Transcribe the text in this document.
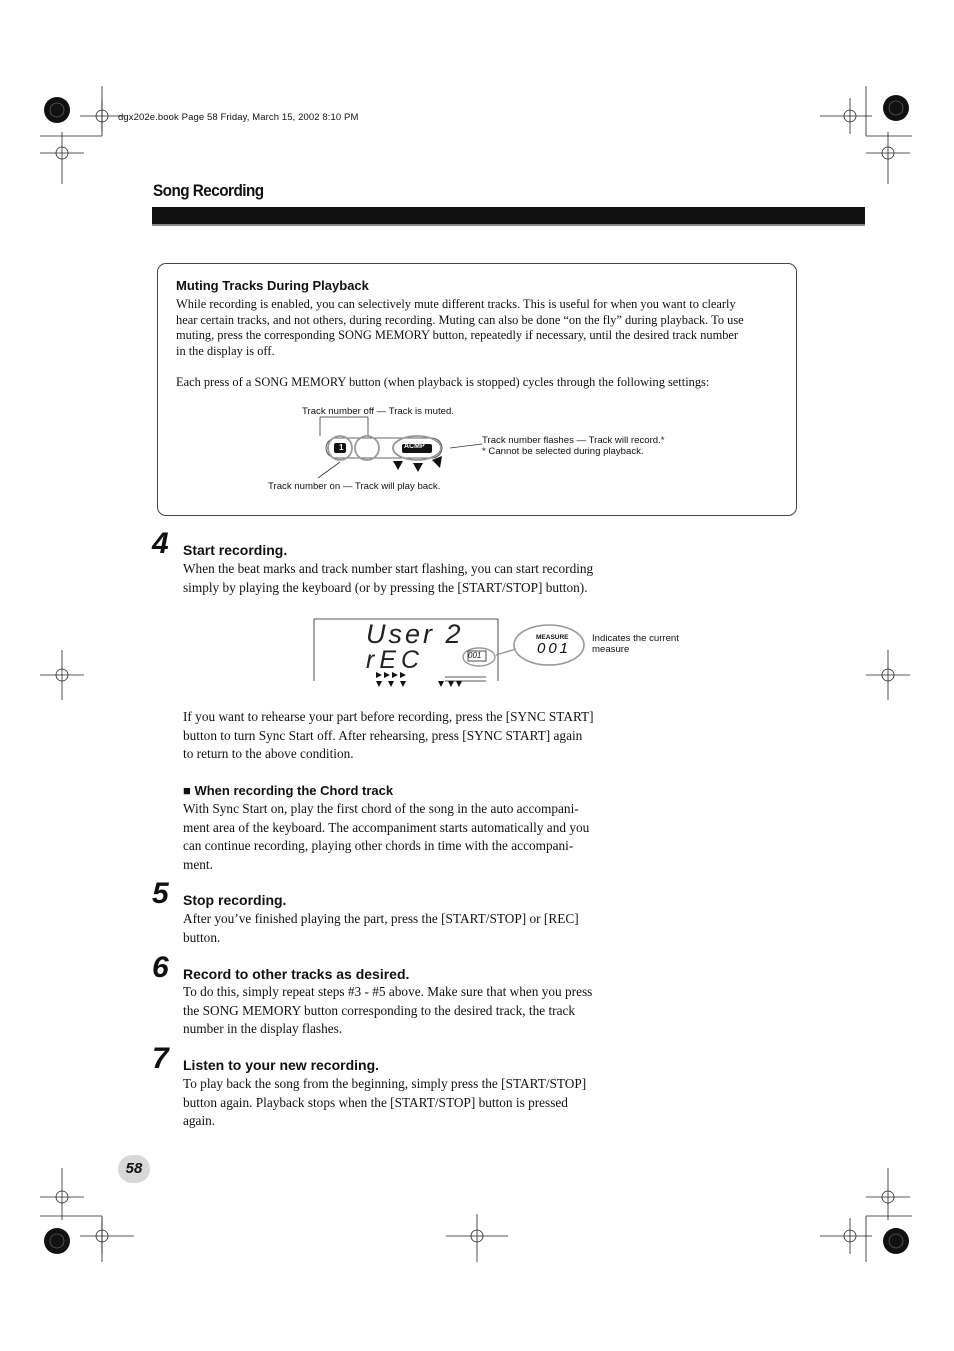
dgx202e.book Page 58 Friday, March 15, 2002 8:10 PM
Song Recording
Muting Tracks During Playback
While recording is enabled, you can selectively mute different tracks. This is useful for when you want to clearly
hear certain tracks, and not others, during recording. Muting can also be done “on the fly” during playback. To use
muting, press the corresponding SONG MEMORY button, repeatedly if necessary, until the desired track number
in the display is off.
Each press of a SONG MEMORY button (when playback is stopped) cycles through the following settings:
1	ACMP
Track number off — Track is muted.
Track number flashes — Track will record.*
* Cannot be selected during playback.
Track number on — Track will play back.
4 Start recording.
When the beat marks and track number start flashing, you can start recording
simply by playing the keyboard (or by pressing the [START/STOP] button).
User 2
rEC	001
MEASURE
001
Indicates the current
measure
If you want to rehearse your part before recording, press the [SYNC START]
button to turn Sync Start off. After rehearsing, press [SYNC START] again
to return to the above condition.
■ When recording the Chord track
With Sync Start on, play the first chord of the song in the auto accompani-
ment area of the keyboard. The accompaniment starts automatically and you
can continue recording, playing other chords in time with the accompani-
ment.
5 Stop recording.
After you’ve finished playing the part, press the [START/STOP] or [REC]
button.
6 Record to other tracks as desired.
To do this, simply repeat steps #3 - #5 above. Make sure that when you press
the SONG MEMORY button corresponding to the desired track, the track
number in the display flashes.
7 Listen to your new recording.
To play back the song from the beginning, simply press the [START/STOP]
button again. Playback stops when the [START/STOP] button is pressed
again.
58
